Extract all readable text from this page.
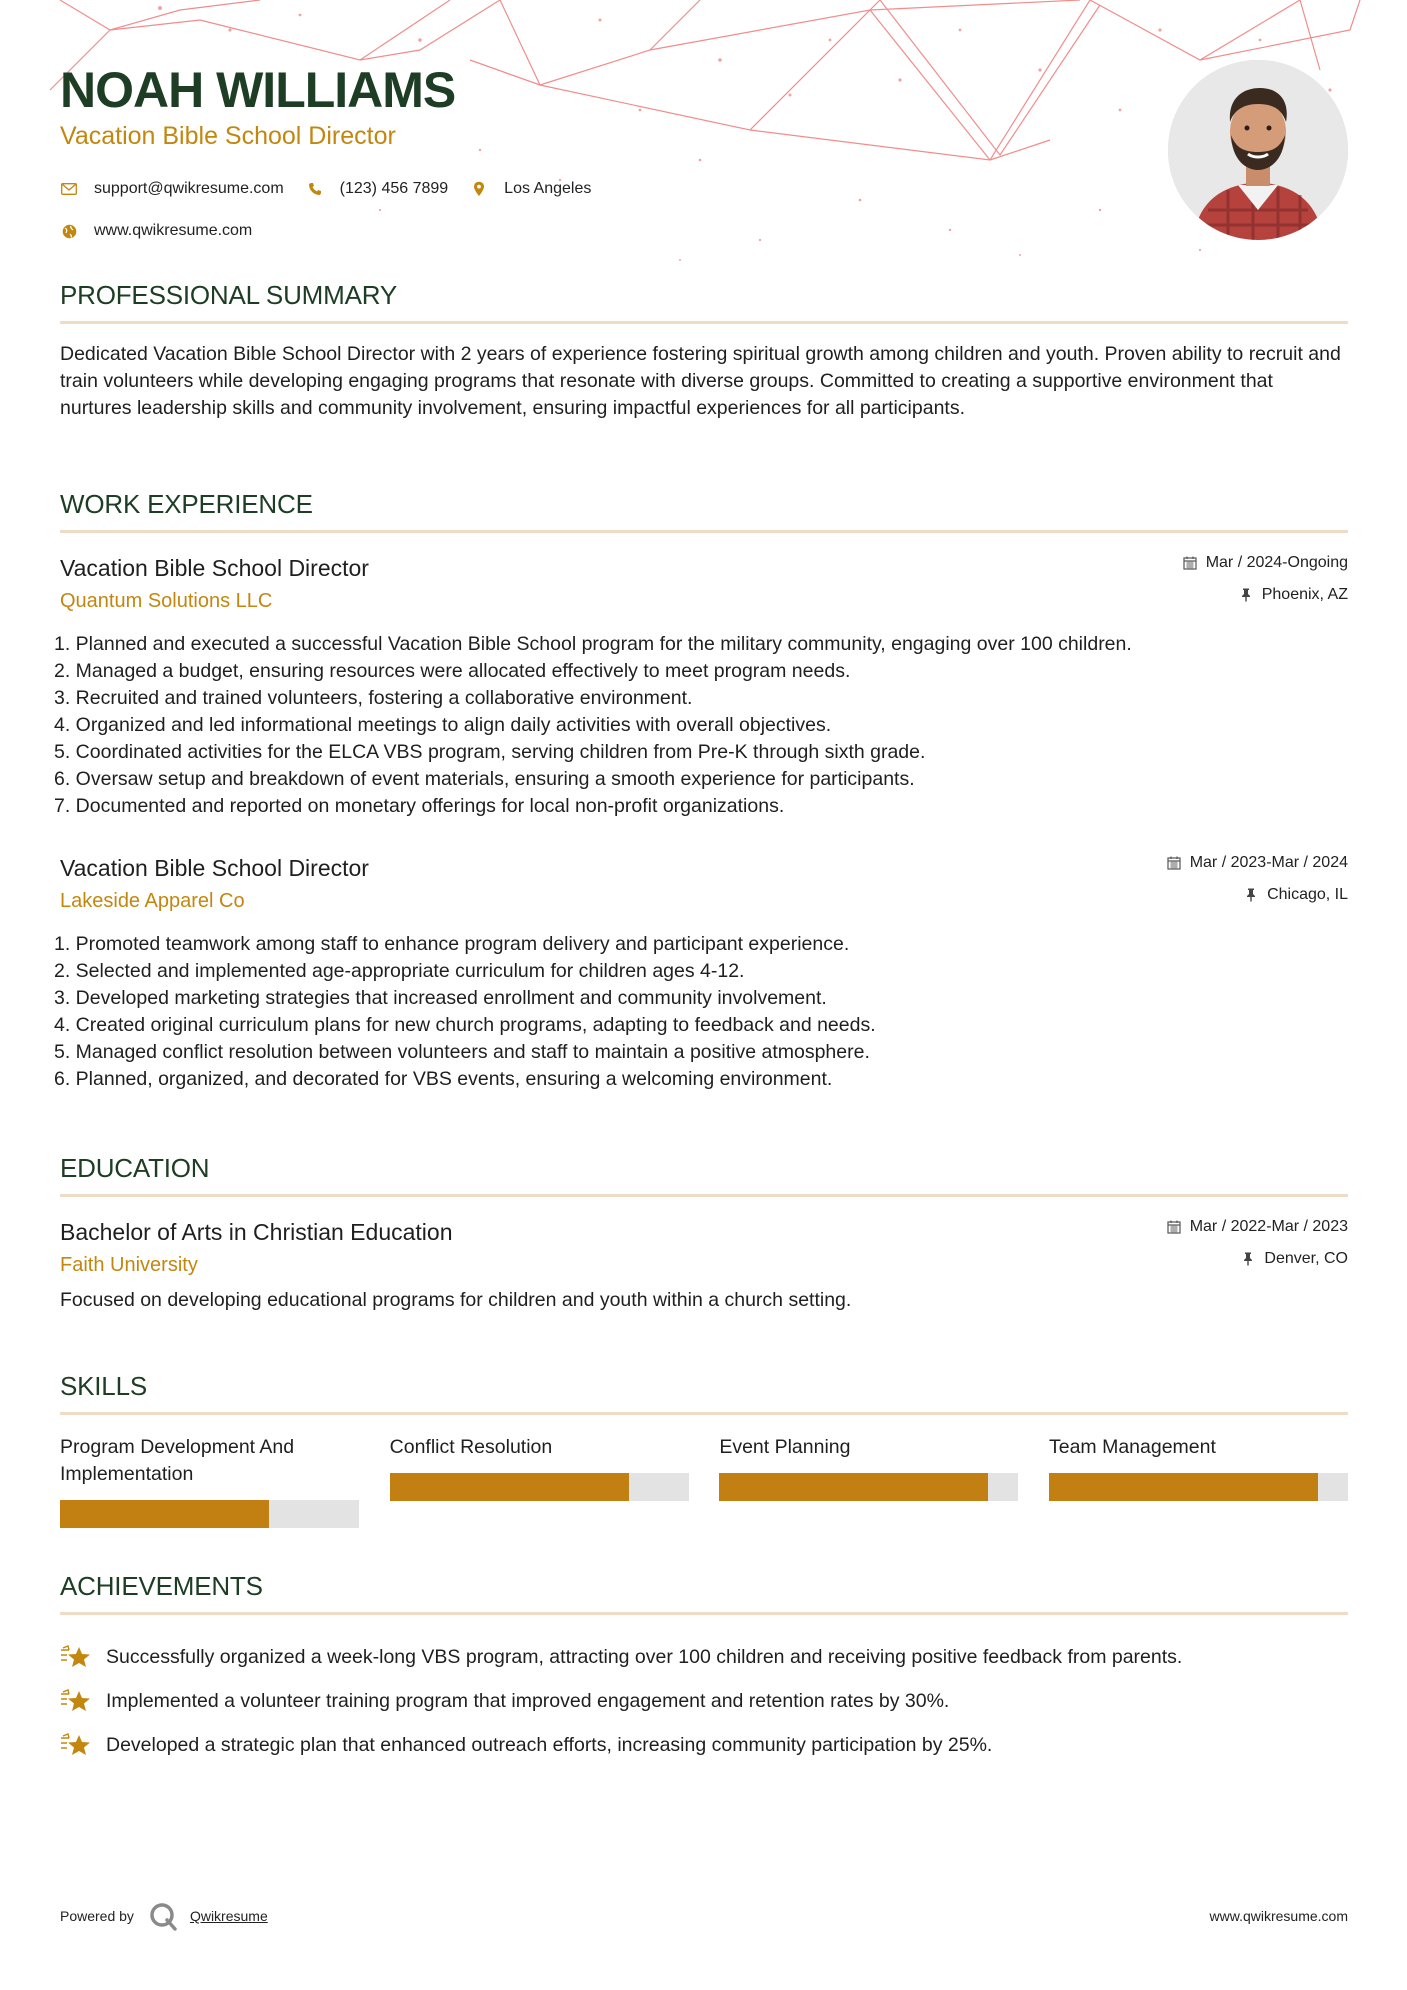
NOAH WILLIAMS
Vacation Bible School Director
support@qwikresume.com	(123) 456 7899	Los Angeles
www.qwikresume.com
PROFESSIONAL SUMMARY
Dedicated Vacation Bible School Director with 2 years of experience fostering spiritual growth among children and youth. Proven ability to recruit and train volunteers while developing engaging programs that resonate with diverse groups. Committed to creating a supportive environment that nurtures leadership skills and community involvement, ensuring impactful experiences for all participants.
WORK EXPERIENCE
Vacation Bible School Director
Quantum Solutions LLC
Mar / 2024-Ongoing
Phoenix, AZ
1. Planned and executed a successful Vacation Bible School program for the military community, engaging over 100 children.
2. Managed a budget, ensuring resources were allocated effectively to meet program needs.
3. Recruited and trained volunteers, fostering a collaborative environment.
4. Organized and led informational meetings to align daily activities with overall objectives.
5. Coordinated activities for the ELCA VBS program, serving children from Pre-K through sixth grade.
6. Oversaw setup and breakdown of event materials, ensuring a smooth experience for participants.
7. Documented and reported on monetary offerings for local non-profit organizations.
Vacation Bible School Director
Lakeside Apparel Co
Mar / 2023-Mar / 2024
Chicago, IL
1. Promoted teamwork among staff to enhance program delivery and participant experience.
2. Selected and implemented age-appropriate curriculum for children ages 4-12.
3. Developed marketing strategies that increased enrollment and community involvement.
4. Created original curriculum plans for new church programs, adapting to feedback and needs.
5. Managed conflict resolution between volunteers and staff to maintain a positive atmosphere.
6. Planned, organized, and decorated for VBS events, ensuring a welcoming environment.
EDUCATION
Bachelor of Arts in Christian Education
Faith University
Mar / 2022-Mar / 2023
Denver, CO
Focused on developing educational programs for children and youth within a church setting.
SKILLS
Program Development And Implementation
Conflict Resolution	Event Planning	Team Management
ACHIEVEMENTS
Successfully organized a week-long VBS program, attracting over 100 children and receiving positive feedback from parents.
Implemented a volunteer training program that improved engagement and retention rates by 30%.
Developed a strategic plan that enhanced outreach efforts, increasing community participation by 25%.
Powered by	Qwikresume	www.qwikresume.com
